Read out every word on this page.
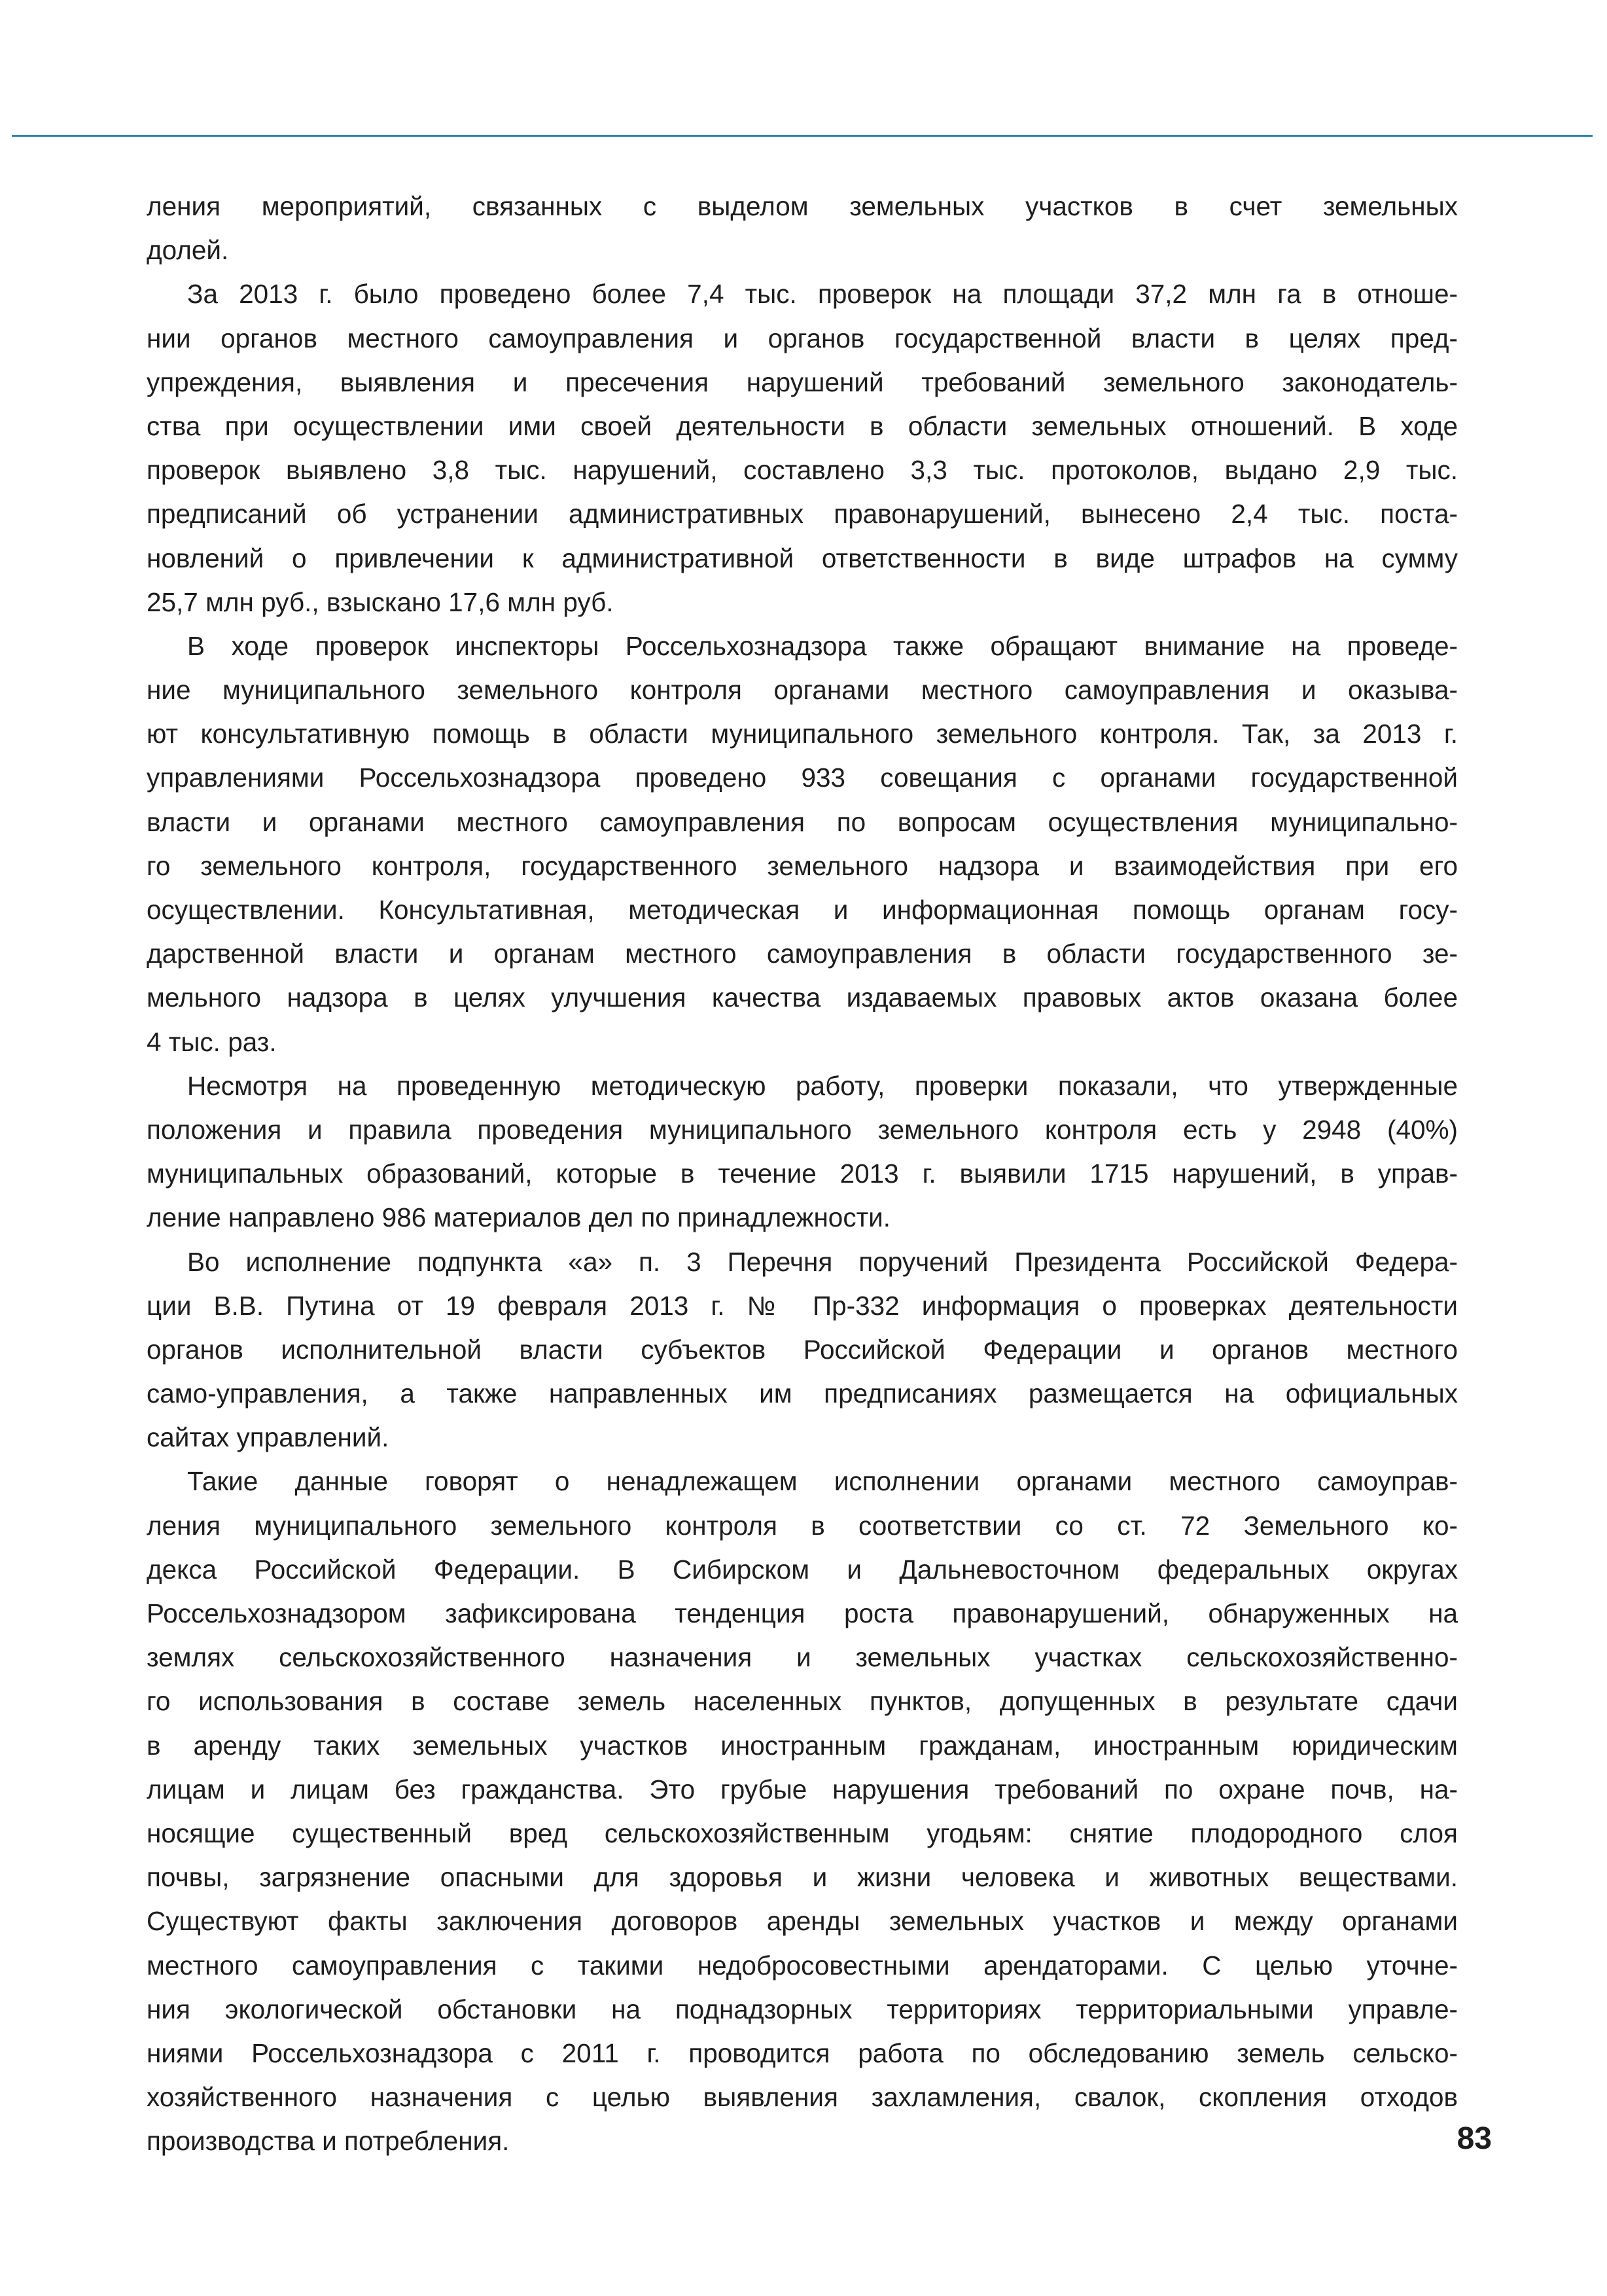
ления мероприятий, связанных с выделом земельных участков в счет земельных
долей.
За 2013 г. было проведено более 7,4 тыс. проверок на площади 37,2 млн га в отноше-
нии органов местного самоуправления и органов государственной власти в целях пред-
упреждения, выявления и пресечения нарушений требований земельного законодатель-
ства при осуществлении ими своей деятельности в области земельных отношений. В ходе
проверок выявлено 3,8 тыс. нарушений, составлено 3,3 тыс. протоколов, выдано 2,9 тыс.
предписаний об устранении административных правонарушений, вынесено 2,4 тыс. поста-
новлений о привлечении к административной ответственности в виде штрафов на сумму
25,7 млн руб., взыскано 17,6 млн руб.
В ходе проверок инспекторы Россельхознадзора также обращают внимание на проведе-
ние муниципального земельного контроля органами местного самоуправления и оказыва-
ют консультативную помощь в области муниципального земельного контроля. Так, за 2013 г.
управлениями Россельхознадзора проведено 933 совещания с органами государственной
власти и органами местного самоуправления по вопросам осуществления муниципально-
го земельного контроля, государственного земельного надзора и взаимодействия при его
осуществлении. Консультативная, методическая и информационная помощь органам госу-
дарственной власти и органам местного самоуправления в области государственного зе-
мельного надзора в целях улучшения качества издаваемых правовых актов оказана более
4 тыс. раз.
Несмотря на проведенную методическую работу, проверки показали, что утвержденные
положения и правила проведения муниципального земельного контроля есть у 2948 (40%)
муниципальных образований, которые в течение 2013 г. выявили 1715 нарушений, в управ-
ление направлено 986 материалов дел по принадлежности.
Во исполнение подпункта «а» п. 3 Перечня поручений Президента Российской Федера-
ции В.В. Путина от 19 февраля 2013 г. № Пр-332 информация о проверках деятельности
органов исполнительной власти субъектов Российской Федерации и органов местного
само-управления, а также направленных им предписаниях размещается на официальных
сайтах управлений.
Такие данные говорят о ненадлежащем исполнении органами местного самоуправ-
ления муниципального земельного контроля в соответствии со ст. 72 Земельного ко-
декса Российской Федерации. В Сибирском и Дальневосточном федеральных округах
Россельхознадзором зафиксирована тенденция роста правонарушений, обнаруженных на
землях сельскохозяйственного назначения и земельных участках сельскохозяйственно-
го использования в составе земель населенных пунктов, допущенных в результате сдачи
в аренду таких земельных участков иностранным гражданам, иностранным юридическим
лицам и лицам без гражданства. Это грубые нарушения требований по охране почв, на-
носящие существенный вред сельскохозяйственным угодьям: снятие плодородного слоя
почвы, загрязнение опасными для здоровья и жизни человека и животных веществами.
Существуют факты заключения договоров аренды земельных участков и между органами
местного самоуправления с такими недобросовестными арендаторами. С целью уточне-
ния экологической обстановки на поднадзорных территориях территориальными управле-
ниями Россельхознадзора с 2011 г. проводится работа по обследованию земель сельско-
хозяйственного назначения с целью выявления захламления, свалок, скопления отходов
производства и потребления.	83
